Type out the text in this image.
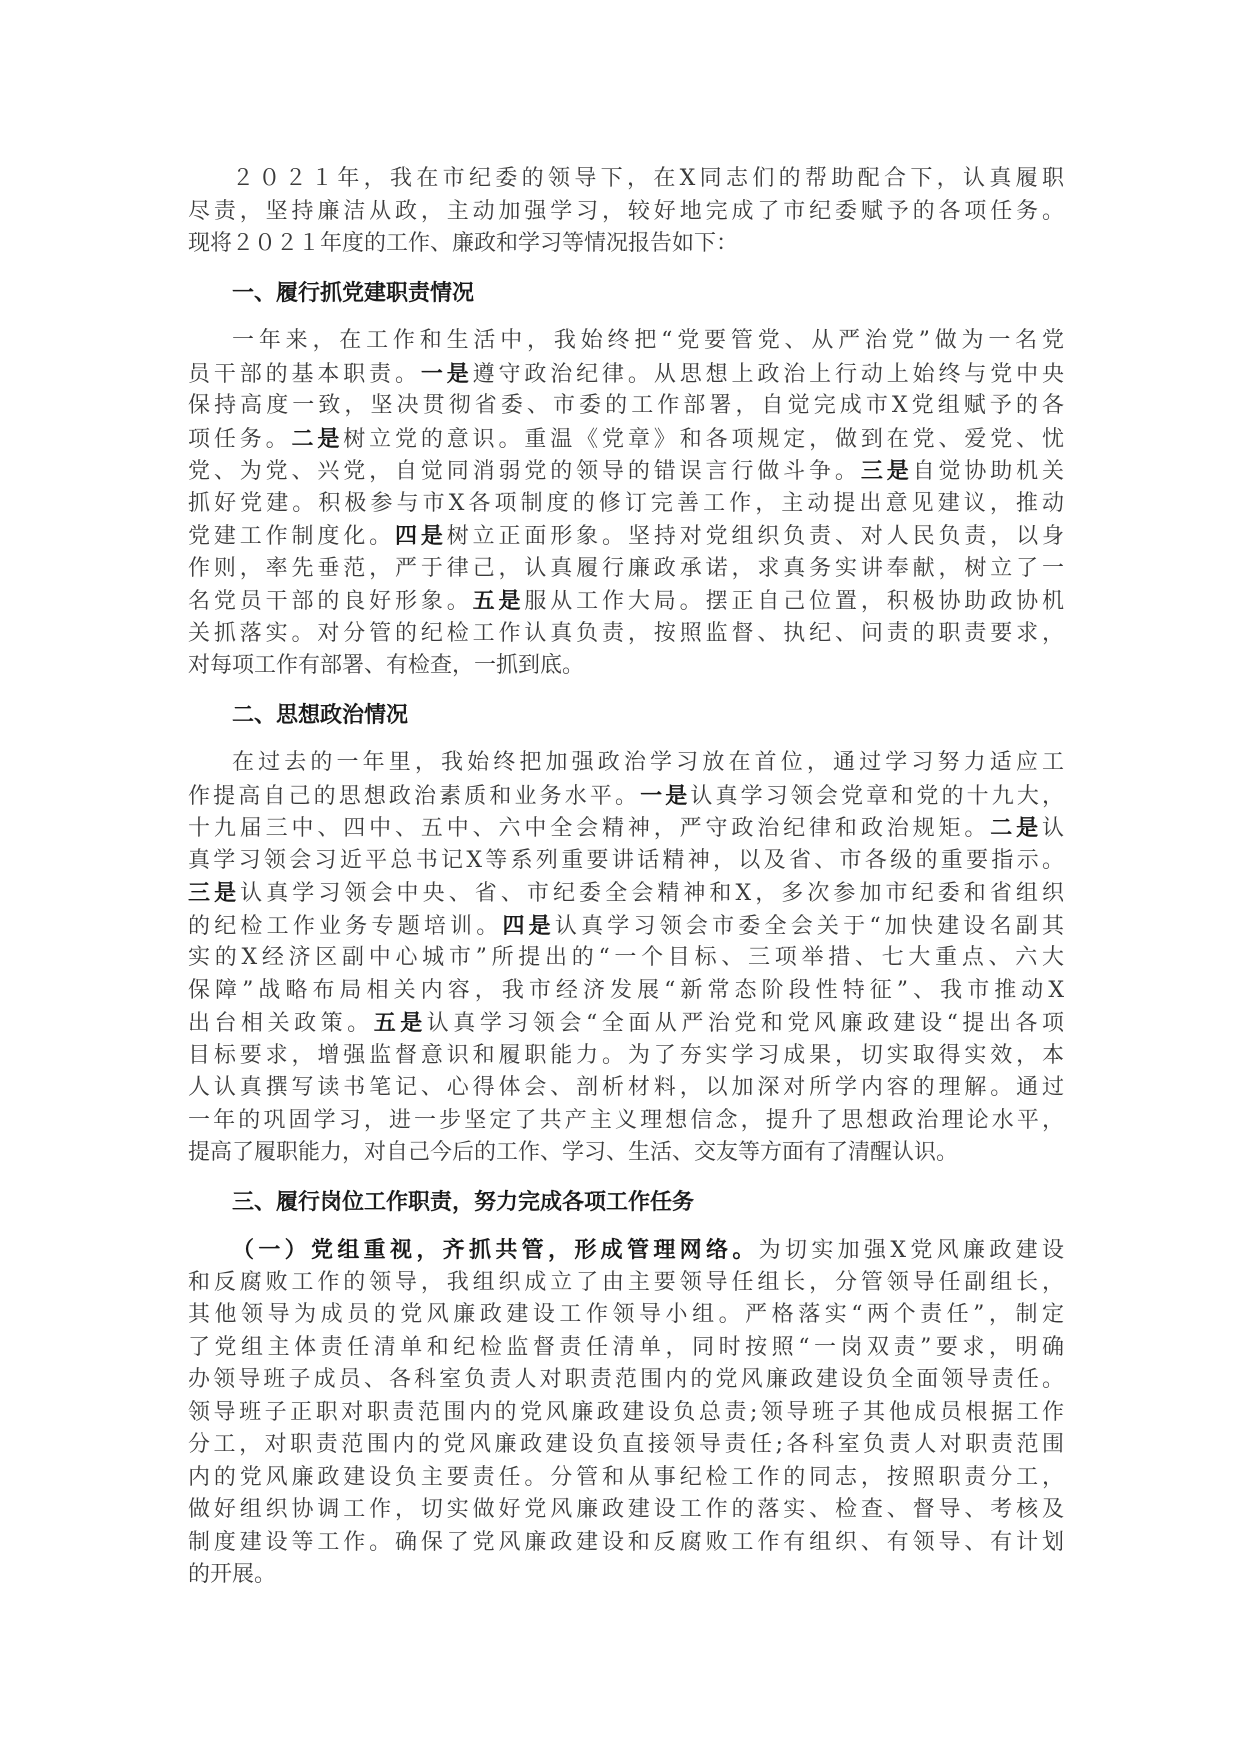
２０２１年，我在市纪委的领导下，在X同志们的帮助配合下，认真履职
尽责，坚持廉洁从政，主动加强学习，较好地完成了市纪委赋予的各项任务。
现将２０２１年度的工作、廉政和学习等情况报告如下：
一、履行抓党建职责情况
一年来，在工作和生活中，我始终把“党要管党、从严治党”做为一名党
员干部的基本职责。一是遵守政治纪律。从思想上政治上行动上始终与党中央
保持高度一致，坚决贯彻省委、市委的工作部署，自觉完成市X党组赋予的各
项任务。二是树立党的意识。重温《党章》和各项规定，做到在党、爱党、忧
党、为党、兴党，自觉同消弱党的领导的错误言行做斗争。三是自觉协助机关
抓好党建。积极参与市X各项制度的修订完善工作，主动提出意见建议，推动
党建工作制度化。四是树立正面形象。坚持对党组织负责、对人民负责，以身
作则，率先垂范，严于律己，认真履行廉政承诺，求真务实讲奉献，树立了一
名党员干部的良好形象。五是服从工作大局。摆正自己位置，积极协助政协机
关抓落实。对分管的纪检工作认真负责，按照监督、执纪、问责的职责要求，
对每项工作有部署、有检查，一抓到底。
二、思想政治情况
在过去的一年里，我始终把加强政治学习放在首位，通过学习努力适应工
作提高自己的思想政治素质和业务水平。一是认真学习领会党章和党的十九大，
十九届三中、四中、五中、六中全会精神，严守政治纪律和政治规矩。二是认
真学习领会习近平总书记X等系列重要讲话精神，以及省、市各级的重要指示。
三是认真学习领会中央、省、市纪委全会精神和X，多次参加市纪委和省组织
的纪检工作业务专题培训。四是认真学习领会市委全会关于“加快建设名副其
实的X经济区副中心城市”所提出的“一个目标、三项举措、七大重点、六大
保障”战略布局相关内容，我市经济发展“新常态阶段性特征”、我市推动X
出台相关政策。五是认真学习领会“全面从严治党和党风廉政建设“提出各项
目标要求，增强监督意识和履职能力。为了夯实学习成果，切实取得实效，本
人认真撰写读书笔记、心得体会、剖析材料，以加深对所学内容的理解。通过
一年的巩固学习，进一步坚定了共产主义理想信念，提升了思想政治理论水平，
提高了履职能力，对自己今后的工作、学习、生活、交友等方面有了清醒认识。
三、履行岗位工作职责，努力完成各项工作任务
（一）党组重视，齐抓共管，形成管理网络。为切实加强X党风廉政建设
和反腐败工作的领导，我组织成立了由主要领导任组长，分管领导任副组长，
其他领导为成员的党风廉政建设工作领导小组。严格落实“两个责任”，制定
了党组主体责任清单和纪检监督责任清单，同时按照“一岗双责”要求，明确
办领导班子成员、各科室负责人对职责范围内的党风廉政建设负全面领导责任。
领导班子正职对职责范围内的党风廉政建设负总责;领导班子其他成员根据工作
分工，对职责范围内的党风廉政建设负直接领导责任;各科室负责人对职责范围
内的党风廉政建设负主要责任。分管和从事纪检工作的同志，按照职责分工，
做好组织协调工作，切实做好党风廉政建设工作的落实、检查、督导、考核及
制度建设等工作。确保了党风廉政建设和反腐败工作有组织、有领导、有计划
的开展。
